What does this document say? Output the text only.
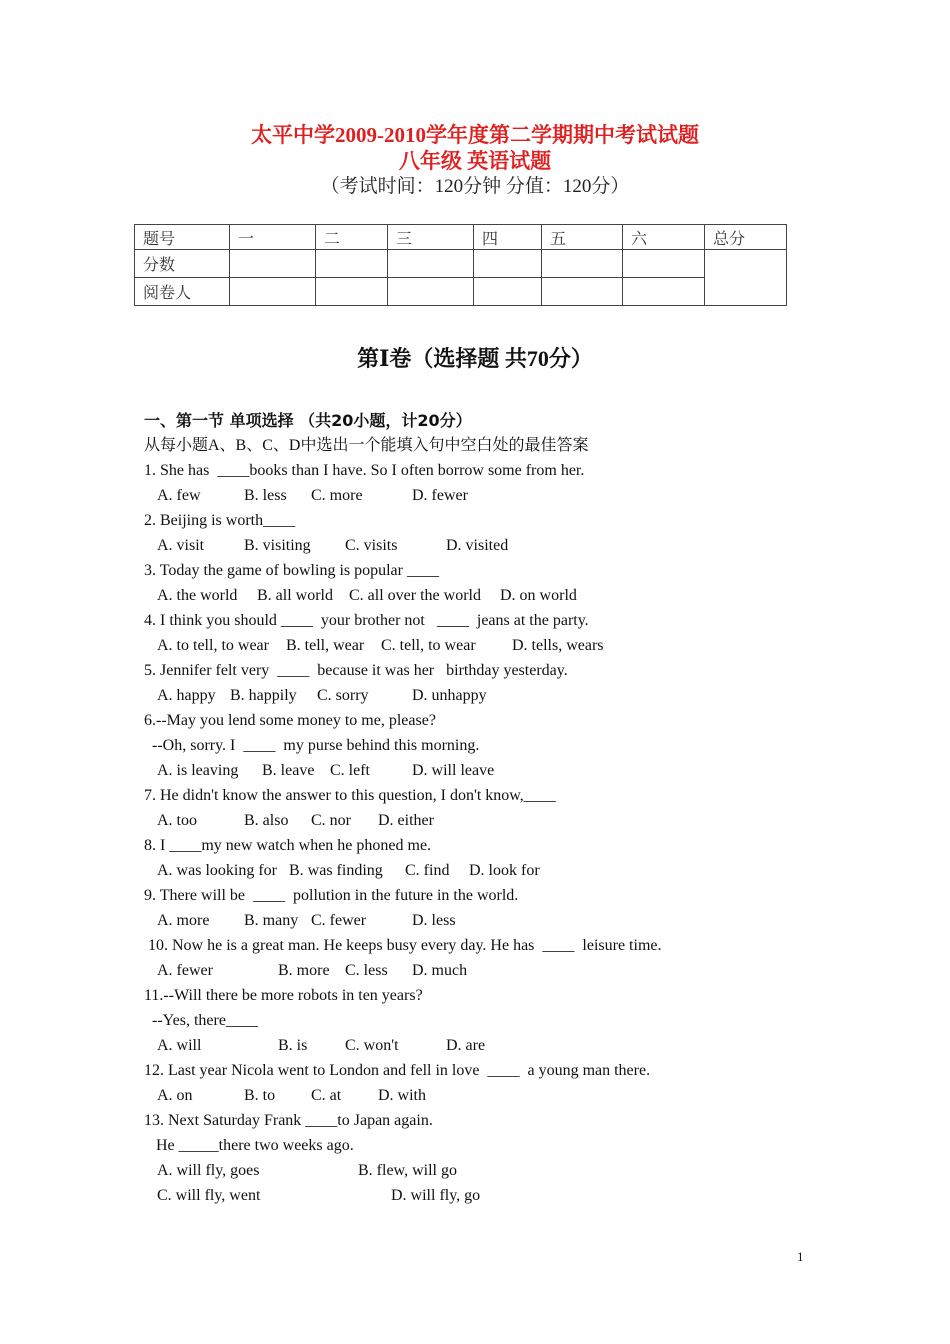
太平中学2009-2010学年度第二学期期中考试试题
八年级 英语试题
（考试时间：120分钟 分值：120分）
题号	一	二	三	四	五	六	总分
分数							
阅卷人							
第Ⅰ卷（选择题 共70分）
一、第一节 单项选择 （共20小题，计20分）
从每小题A、B、C、D中选出一个能填入句中空白处的最佳答案
1. She has  ____books than I have. So I often borrow some from her.
A. few	B. less C. more	D. fewer
2. Beijing is worth____
A. visit B. visiting C. visits	D. visited
3. Today the game of bowling is popular ____
A. the world B. all world C. all over the world D. on world
4. I think you should ____  your brother not   ____  jeans at the party.
A. to tell, to wear B. tell, wear C. tell, to wear D. tells, wears
5. Jennifer felt very  ____  because it was her   birthday yesterday.
A. happy B. happily C. sorry	D. unhappy
6.--May you lend some money to me, please?
--Oh, sorry. I  ____  my purse behind this morning.
A. is leaving B. leave C. left	D. will leave
7. He didn't know the answer to this question, I don't know,____
A. too	B. also C. nor D. either
8. I ____my new watch when he phoned me.
A. was looking for B. was finding C. find D. look for
9. There will be  ____  pollution in the future in the world.
A. more B. many C. fewer	D. less
10. Now he is a great man. He keeps busy every day. He has  ____  leisure time.
A. fewer	B. more C. less D. much
11.--Will there be more robots in ten years?
--Yes, there____
A. will	B. is C. won't	D. are
12. Last year Nicola went to London and fell in love  ____  a young man there.
A. on	B. to C. at D. with
13. Next Saturday Frank ____to Japan again.
He _____there two weeks ago.
A. will fly, goes	B. flew, will go
C. will fly, went	D. will fly, go
1
